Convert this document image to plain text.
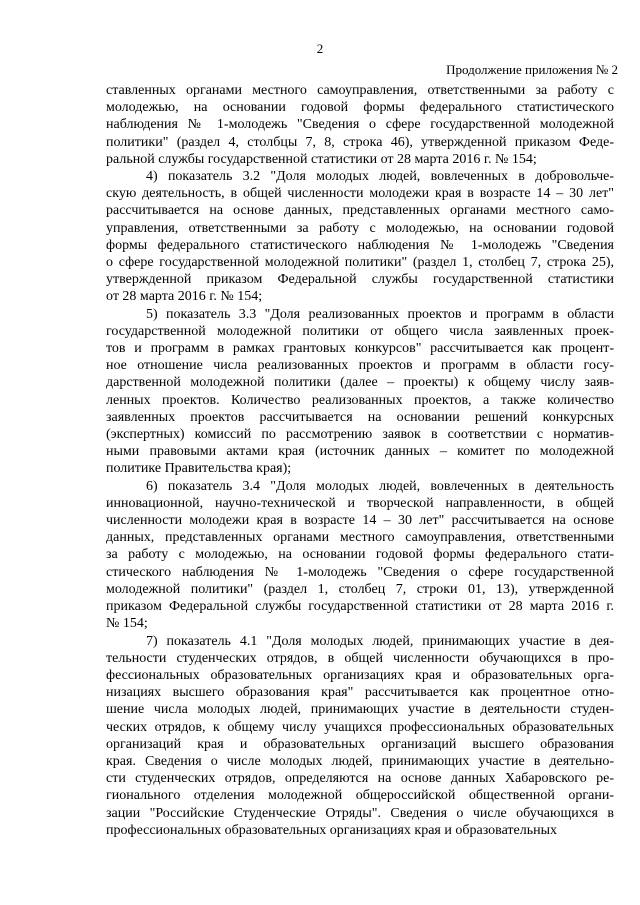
2
Продолжение приложения № 2

ставленных органами местного самоуправления, ответственными за работу с
молодежью, на основании годовой формы федерального статистического
наблюдения № 1-молодежь "Сведения о сфере государственной молодежной
политики" (раздел 4, столбцы 7, 8, строка 46), утвержденной приказом Феде-
ральной службы государственной статистики от 28 марта 2016 г. № 154;

4) показатель 3.2 "Доля молодых людей, вовлеченных в добровольче-
скую деятельность, в общей численности молодежи края в возрасте 14 – 30 лет"
рассчитывается на основе данных, представленных органами местного само-
управления, ответственными за работу с молодежью, на основании годовой
формы федерального статистического наблюдения № 1-молодежь "Сведения
о сфере государственной молодежной политики" (раздел 1, столбец 7, строка 25),
утвержденной приказом Федеральной службы государственной статистики
от 28 марта 2016 г. № 154;

5) показатель 3.3 "Доля реализованных проектов и программ в области
государственной молодежной политики от общего числа заявленных проек-
тов и программ в рамках грантовых конкурсов" рассчитывается как процент-
ное отношение числа реализованных проектов и программ в области госу-
дарственной молодежной политики (далее – проекты) к общему числу заяв-
ленных проектов. Количество реализованных проектов, а также количество
заявленных проектов рассчитывается на основании решений конкурсных
(экспертных) комиссий по рассмотрению заявок в соответствии с норматив-
ными правовыми актами края (источник данных – комитет по молодежной
политике Правительства края);

6) показатель 3.4 "Доля молодых людей, вовлеченных в деятельность
инновационной, научно-технической и творческой направленности, в общей
численности молодежи края в возрасте 14 – 30 лет" рассчитывается на основе
данных, представленных органами местного самоуправления, ответственными
за работу с молодежью, на основании годовой формы федерального стати-
стического наблюдения № 1-молодежь "Сведения о сфере государственной
молодежной политики" (раздел 1, столбец 7, строки 01, 13), утвержденной
приказом Федеральной службы государственной статистики от 28 марта 2016 г.
№ 154;

7) показатель 4.1 "Доля молодых людей, принимающих участие в дея-
тельности студенческих отрядов, в общей численности обучающихся в про-
фессиональных образовательных организациях края и образовательных орга-
низациях высшего образования края" рассчитывается как процентное отно-
шение числа молодых людей, принимающих участие в деятельности студен-
ческих отрядов, к общему числу учащихся профессиональных образовательных
организаций края и образовательных организаций высшего образования
края. Сведения о числе молодых людей, принимающих участие в деятельно-
сти студенческих отрядов, определяются на основе данных Хабаровского ре-
гионального отделения молодежной общероссийской общественной органи-
зации "Российские Студенческие Отряды". Сведения о числе обучающихся в
профессиональных образовательных организациях края и образовательных
